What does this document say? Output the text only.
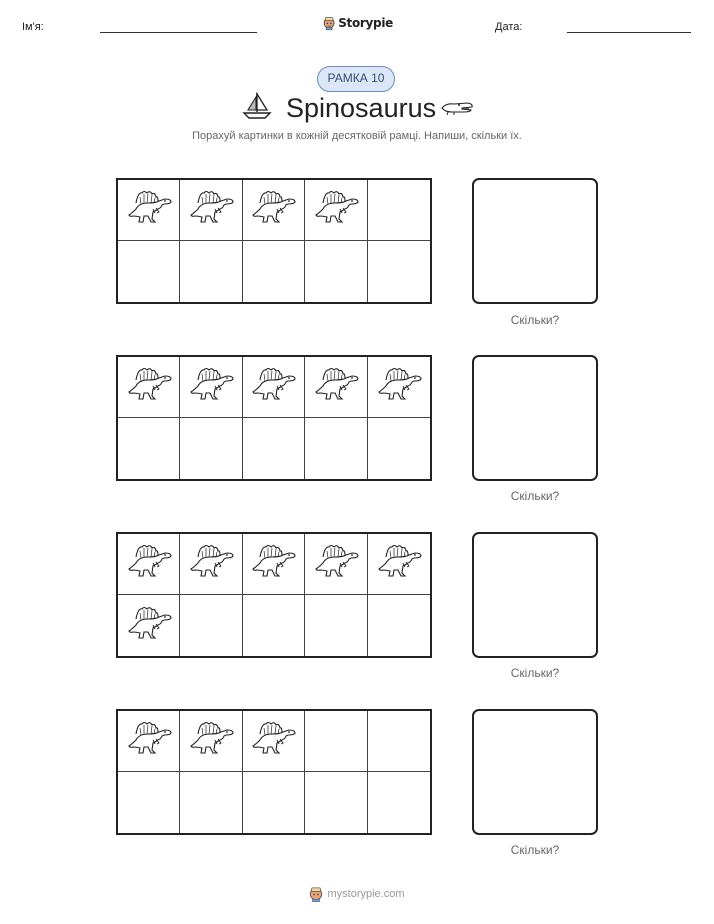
Ім'я:	Storypie	Дата:
РАМКА 10
Spinosaurus
Порахуй картинки в кожній десятковій рамці. Напиши, скільки їх.
Скільки?
Скільки?
Скільки?
Скільки?
mystorypie.com
